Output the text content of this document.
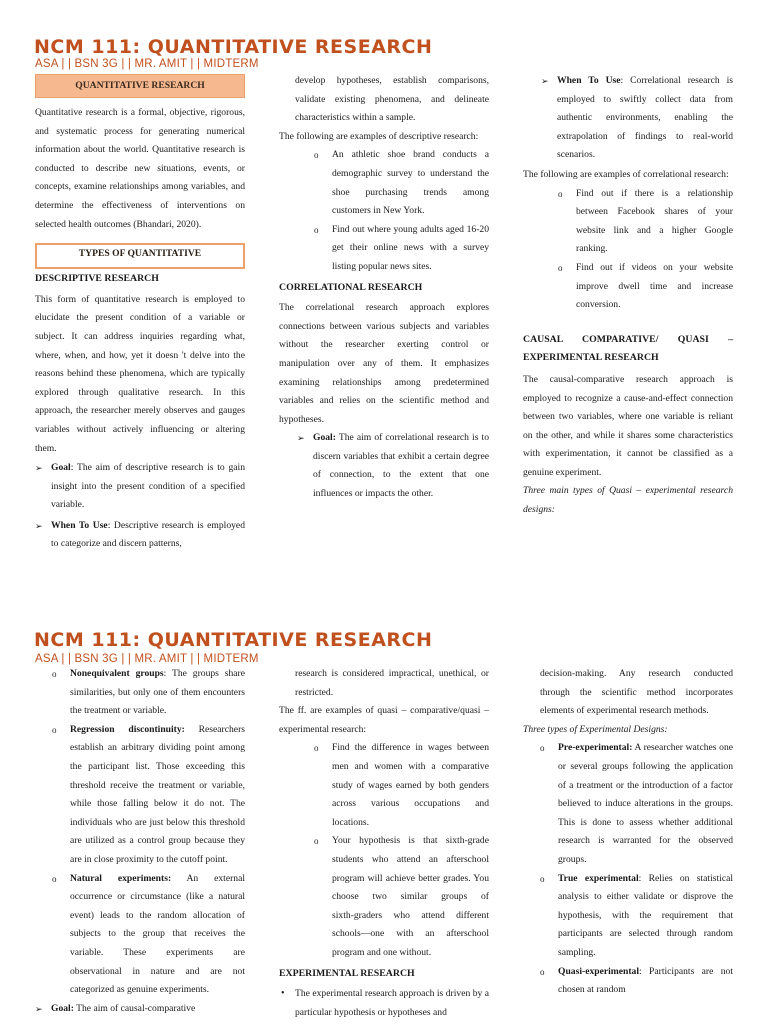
NCM 111: QUANTITATIVE RESEARCH
ASA | | BSN 3G | | MR. AMIT | | MIDTERM
QUANTITATIVE RESEARCH

Quantitative research is a formal, objective, rigorous, and systematic process for generating numerical information about the world. Quantitative research is conducted to describe new situations, events, or concepts, examine relationships among variables, and determine the effectiveness of interventions on selected health outcomes (Bhandari, 2020).

TYPES OF QUANTITATIVE
DESCRIPTIVE RESEARCH

This form of quantitative research is employed to elucidate the present condition of a variable or subject. It can address inquiries regarding what, where, when, and how, yet it doesn 't delve into the reasons behind these phenomena, which are typically explored through qualitative research. In this approach, the researcher merely observes and gauges variables without actively influencing or altering them.

➢ Goal: The aim of descriptive research is to gain insight into the present condition of a specified variable.
➢ When To Use: Descriptive research is employed to categorize and discern patterns,

develop hypotheses, establish comparisons, validate existing phenomena, and delineate characteristics within a sample.

The following are examples of descriptive research:

o An athletic shoe brand conducts a demographic survey to understand the shoe purchasing trends among customers in New York.
o Find out where young adults aged 16-20 get their online news with a survey listing popular news sites.
CORRELATIONAL RESEARCH

The correlational research approach explores connections between various subjects and variables without the researcher exerting control or manipulation over any of them. It emphasizes examining relationships among predetermined variables and relies on the scientific method and hypotheses.

➢ Goal: The aim of correlational research is to discern variables that exhibit a certain degree of connection, to the extent that one influences or impacts the other.
➢ When To Use: Correlational research is employed to swiftly collect data from authentic environments, enabling the extrapolation of findings to real-world scenarios.

The following are examples of correlational research:

o Find out if there is a relationship between Facebook shares of your website link and a higher Google ranking.
o Find out if videos on your website improve dwell time and increase conversion.
CAUSAL COMPARATIVE/ QUASI – EXPERIMENTAL RESEARCH

The causal-comparative research approach is employed to recognize a cause-and-effect connection between two variables, where one variable is reliant on the other, and while it shares some characteristics with experimentation, it cannot be classified as a genuine experiment.

Three main types of Quasi – experimental research designs:

NCM 111: QUANTITATIVE RESEARCH
ASA | | BSN 3G | | MR. AMIT | | MIDTERM
o Nonequivalent groups: The groups share similarities, but only one of them encounters the treatment or variable.
o Regression discontinuity: Researchers establish an arbitrary dividing point among the participant list. Those exceeding this threshold receive the treatment or variable, while those falling below it do not. The individuals who are just below this threshold are utilized as a control group because they are in close proximity to the cutoff point.
o Natural experiments: An external occurrence or circumstance (like a natural event) leads to the random allocation of subjects to the group that receives the variable. These experiments are observational in nature and are not categorized as genuine experiments.
➢ Goal: The aim of causal-comparative

research is considered impractical, unethical, or restricted.

The ff. are examples of quasi – comparative/quasi – experimental research:

o Find the difference in wages between men and women with a comparative study of wages earned by both genders across various occupations and locations.
o Your hypothesis is that sixth-grade students who attend an afterschool program will achieve better grades. You choose two similar groups of sixth‑graders who attend different schools—one with an afterschool program and one without.
EXPERIMENTAL RESEARCH
• The experimental research approach is driven by a particular hypothesis or hypotheses and

decision‑making. Any research conducted through the scientific method incorporates elements of experimental research methods.

Three types of Experimental Designs:

o Pre-experimental: A researcher watches one or several groups following the application of a treatment or the introduction of a factor believed to induce alterations in the groups. This is done to assess whether additional research is warranted for the observed groups.
o True experimental: Relies on statistical analysis to either validate or disprove the hypothesis, with the requirement that participants are selected through random sampling.
o Quasi-experimental: Participants are not chosen at random
